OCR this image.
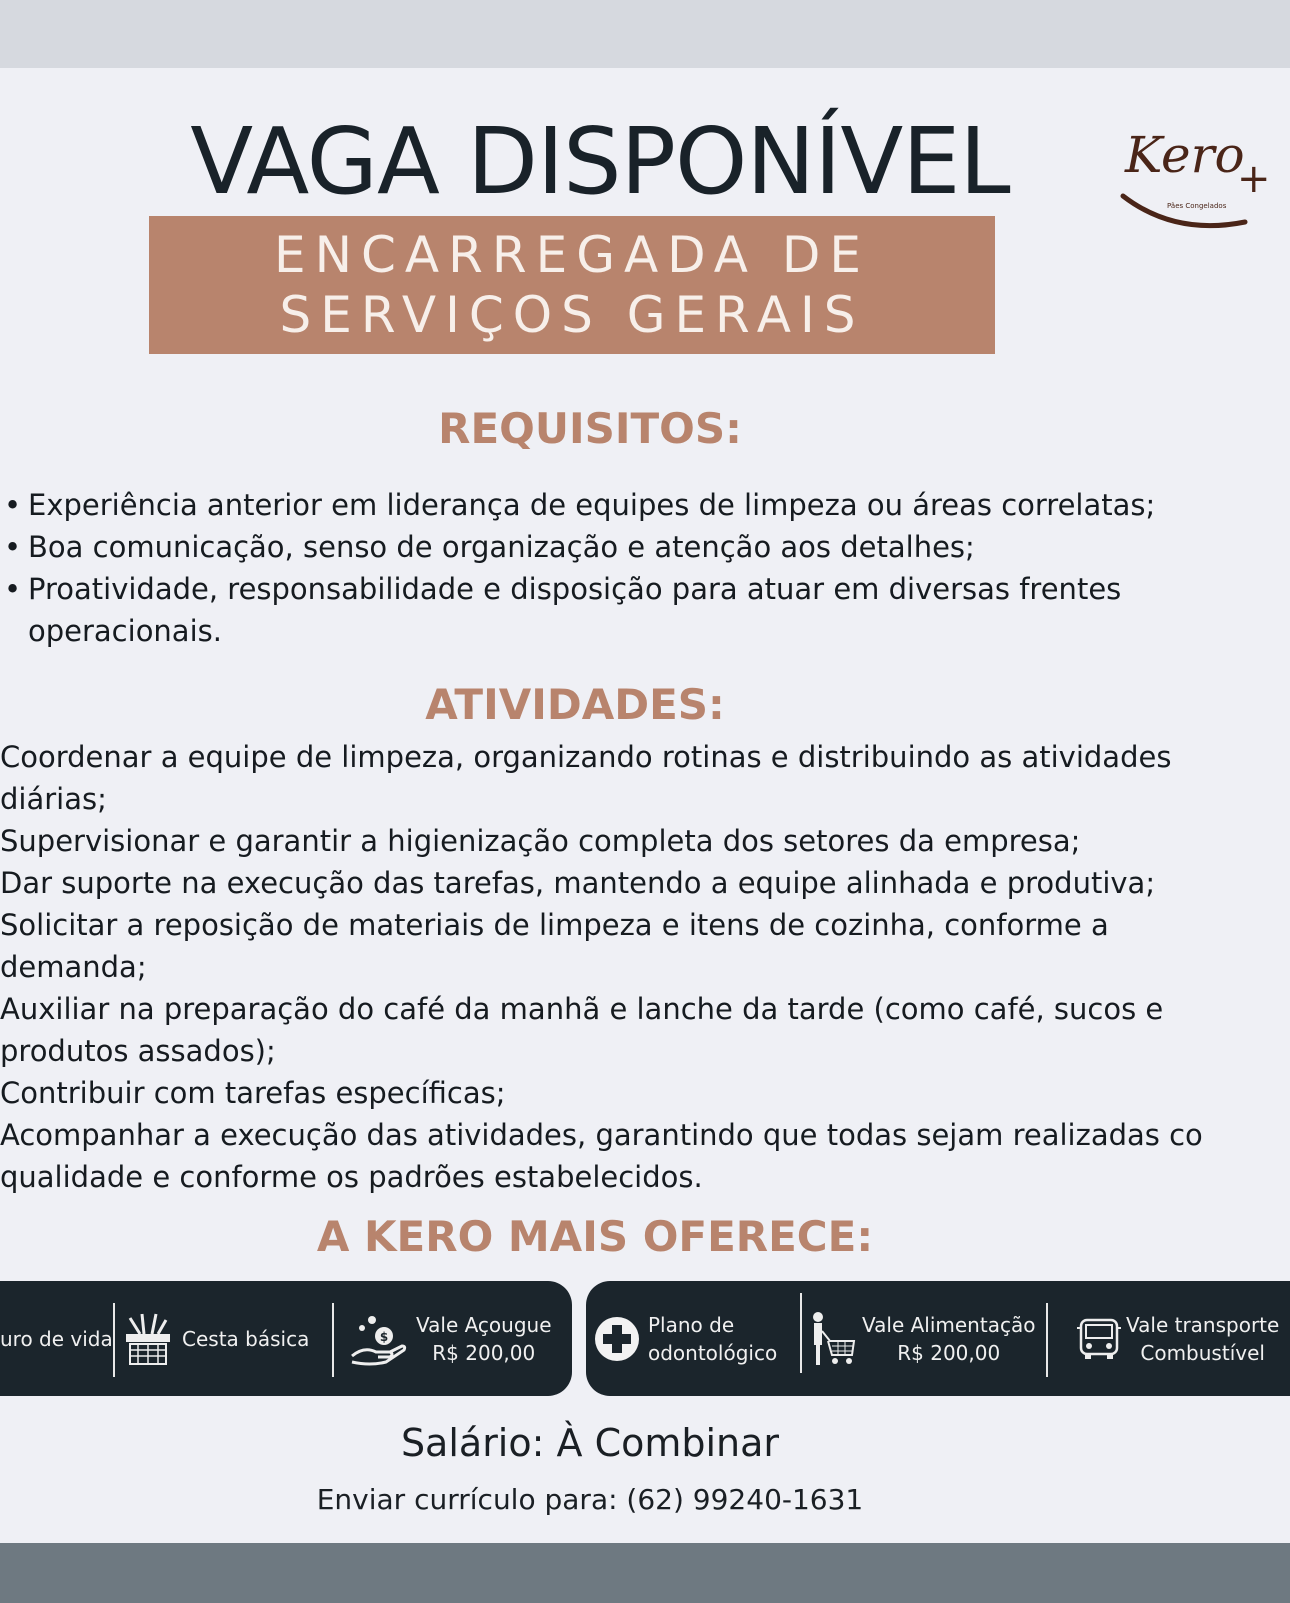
VAGA DISPONÍVEL
ENCARREGADA DE
SERVIÇOS GERAIS
Kero
+
Pães Congelados
REQUISITOS:
• Experiência anterior em liderança de equipes de limpeza ou áreas correlatas;
• Boa comunicação, senso de organização e atenção aos detalhes;
• Proatividade, responsabilidade e disposição para atuar em diversas frentes operacionais.
ATIVIDADES:
Coordenar a equipe de limpeza, organizando rotinas e distribuindo as atividades diárias;
Supervisionar e garantir a higienização completa dos setores da empresa;
Dar suporte na execução das tarefas, mantendo a equipe alinhada e produtiva;
Solicitar a reposição de materiais de limpeza e itens de cozinha, conforme a demanda;
Auxiliar na preparação do café da manhã e lanche da tarde (como café, sucos e produtos assados);
Contribuir com tarefas específicas;
Acompanhar a execução das atividades, garantindo que todas sejam realizadas co
qualidade e conforme os padrões estabelecidos.
A KERO MAIS OFERECE:
uro de vida	Cesta básica	$ Vale Açougue
R$ 200,00
Plano de
odontológico
Vale Alimentação
R$ 200,00
Vale transporte
Combustível
Salário: À Combinar
Enviar currículo para: (62) 99240-1631
